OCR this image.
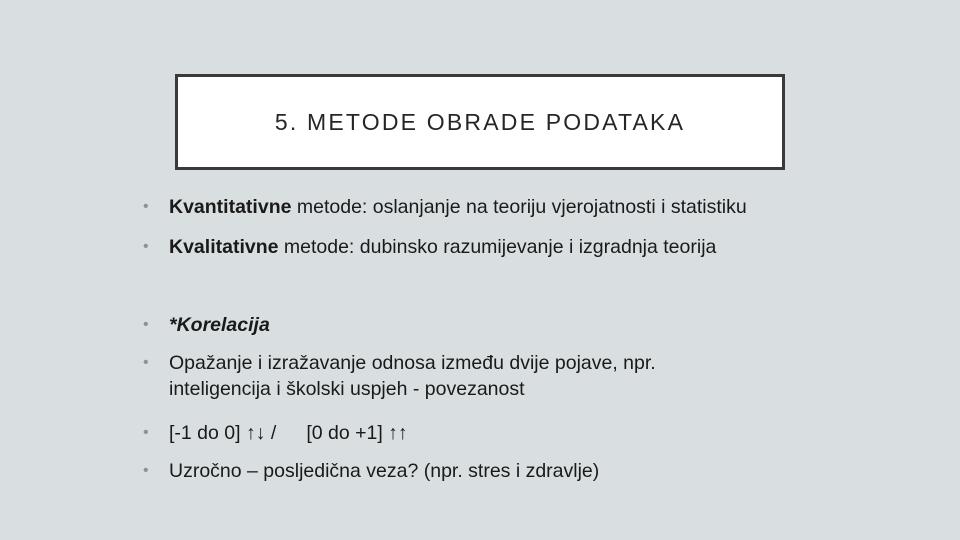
5. METODE OBRADE PODATAKA

• Kvantitativne metode: oslanjanje na teoriju vjerojatnosti i statistiku

• Kvalitativne metode: dubinsko razumijevanje i izgradnja teorija

• *Korelacija

• Opažanje i izražavanje odnosa između dvije pojave, npr.
inteligencija i školski uspjeh - povezanost

• [-1 do 0] ↑↓ / [0 do +1] ↑↑

• Uzročno – posljedična veza? (npr. stres i zdravlje)
